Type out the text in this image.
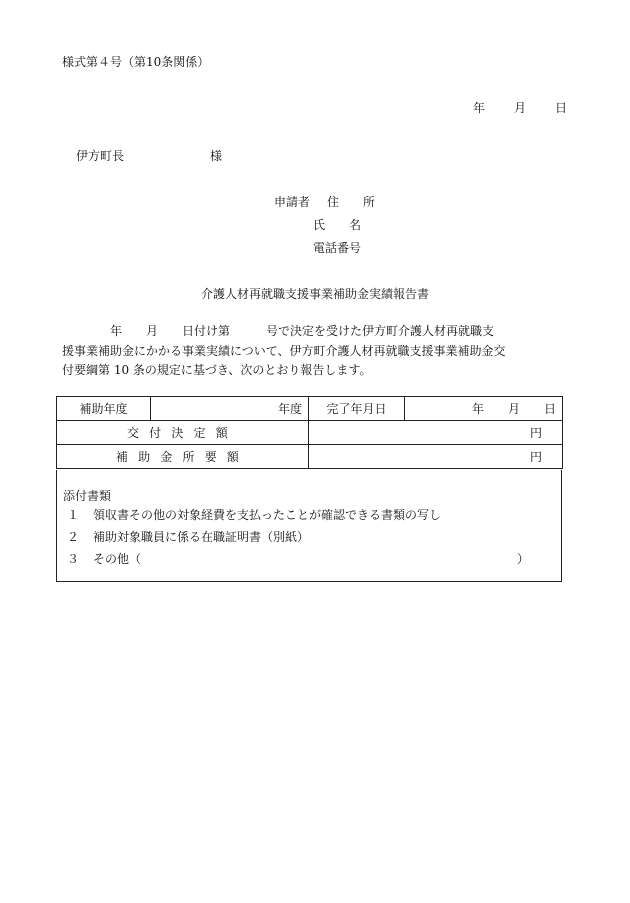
様式第４号（第10条関係）
年 月 日
伊方町長	様
申請者 住　　所
氏　　名
電話番号
介護人材再就職支援事業補助金実績報告書
　　　　年　　月　　日付け第　　　号で決定を受けた伊方町介護人材再就職支
援事業補助金にかかる事業実績について、伊方町介護人材再就職支援事業補助金交
付要綱第 10 条の規定に基づき、次のとおり報告します。
補助年度	年度	完了年月日	年　　月　　日
交付決定額		円	
補助金所要額		円	
添付書類
１ 領収書その他の対象経費を支払ったことが確認できる書類の写し
２ 補助対象職員に係る在職証明書（別紙）
３ その他（	）
